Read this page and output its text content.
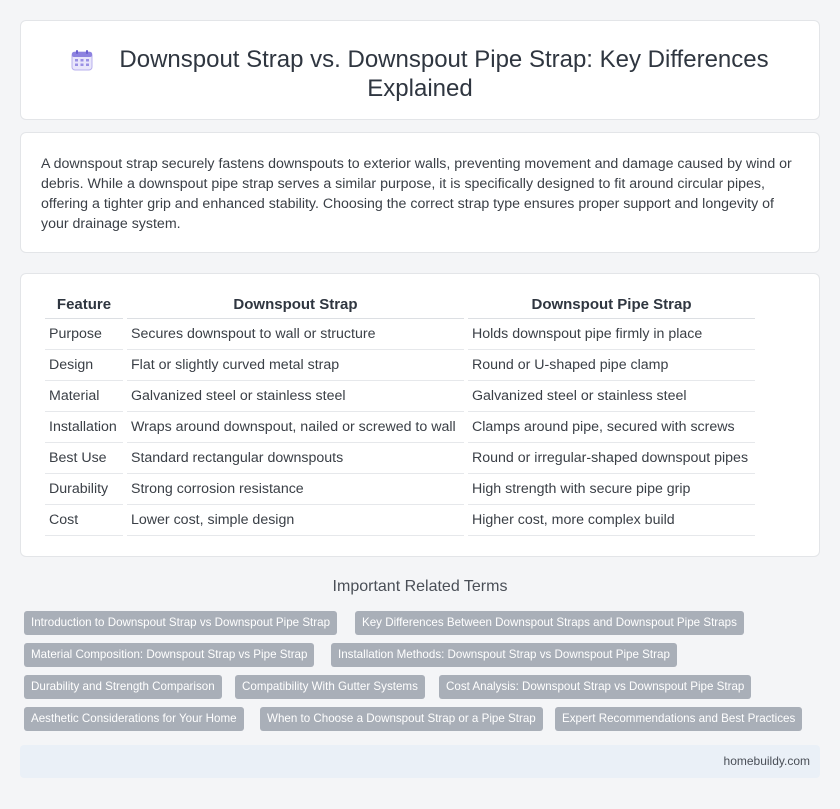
Downspout Strap vs. Downspout Pipe Strap: Key Differences Explained

A downspout strap securely fastens downspouts to exterior walls, preventing movement and damage caused by wind or debris. While a downspout pipe strap serves a similar purpose, it is specifically designed to fit around circular pipes, offering a tighter grip and enhanced stability. Choosing the correct strap type ensures proper support and longevity of your drainage system.

Feature	Downspout Strap	Downspout Pipe Strap
Purpose	Secures downspout to wall or structure	Holds downspout pipe firmly in place
Design	Flat or slightly curved metal strap	Round or U-shaped pipe clamp
Material	Galvanized steel or stainless steel	Galvanized steel or stainless steel
Installation	Wraps around downspout, nailed or screwed to wall	Clamps around pipe, secured with screws
Best Use	Standard rectangular downspouts	Round or irregular-shaped downspout pipes
Durability	Strong corrosion resistance	High strength with secure pipe grip
Cost	Lower cost, simple design	Higher cost, more complex build
Important Related Terms
Introduction to Downspout Strap vs Downspout Pipe Strap	Key Differences Between Downspout Straps and Downspout Pipe Straps
Material Composition: Downspout Strap vs Pipe Strap	Installation Methods: Downspout Strap vs Downspout Pipe Strap
Durability and Strength Comparison	Compatibility With Gutter Systems	Cost Analysis: Downspout Strap vs Downspout Pipe Strap
Aesthetic Considerations for Your Home	When to Choose a Downspout Strap or a Pipe Strap	Expert Recommendations and Best Practices
homebuildy.com
